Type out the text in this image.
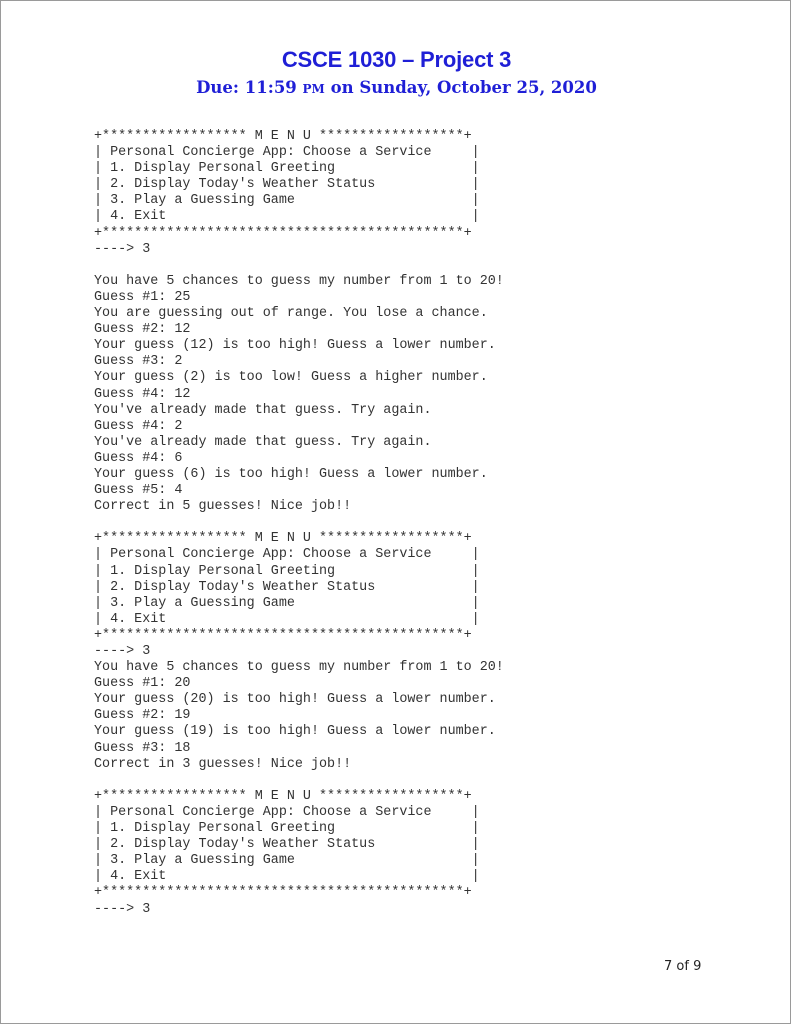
CSCE 1030 – Project 3
Due: 11:59 PM on Sunday, October 25, 2020
+****************** M E N U ******************+
| Personal Concierge App: Choose a Service     |
| 1. Display Personal Greeting                 |
| 2. Display Today's Weather Status            |
| 3. Play a Guessing Game                      |
| 4. Exit                                      |
+*********************************************+
----> 3
You have 5 chances to guess my number from 1 to 20!
Guess #1: 25
You are guessing out of range. You lose a chance.
Guess #2: 12
Your guess (12) is too high! Guess a lower number.
Guess #3: 2
Your guess (2) is too low! Guess a higher number.
Guess #4: 12
You've already made that guess. Try again.
Guess #4: 2
You've already made that guess. Try again.
Guess #4: 6
Your guess (6) is too high! Guess a lower number.
Guess #5: 4
Correct in 5 guesses! Nice job!!
+****************** M E N U ******************+
| Personal Concierge App: Choose a Service     |
| 1. Display Personal Greeting                 |
| 2. Display Today's Weather Status            |
| 3. Play a Guessing Game                      |
| 4. Exit                                      |
+*********************************************+
----> 3
You have 5 chances to guess my number from 1 to 20!
Guess #1: 20
Your guess (20) is too high! Guess a lower number.
Guess #2: 19
Your guess (19) is too high! Guess a lower number.
Guess #3: 18
Correct in 3 guesses! Nice job!!
+****************** M E N U ******************+
| Personal Concierge App: Choose a Service     |
| 1. Display Personal Greeting                 |
| 2. Display Today's Weather Status            |
| 3. Play a Guessing Game                      |
| 4. Exit                                      |
+*********************************************+
----> 3
7 of 9
